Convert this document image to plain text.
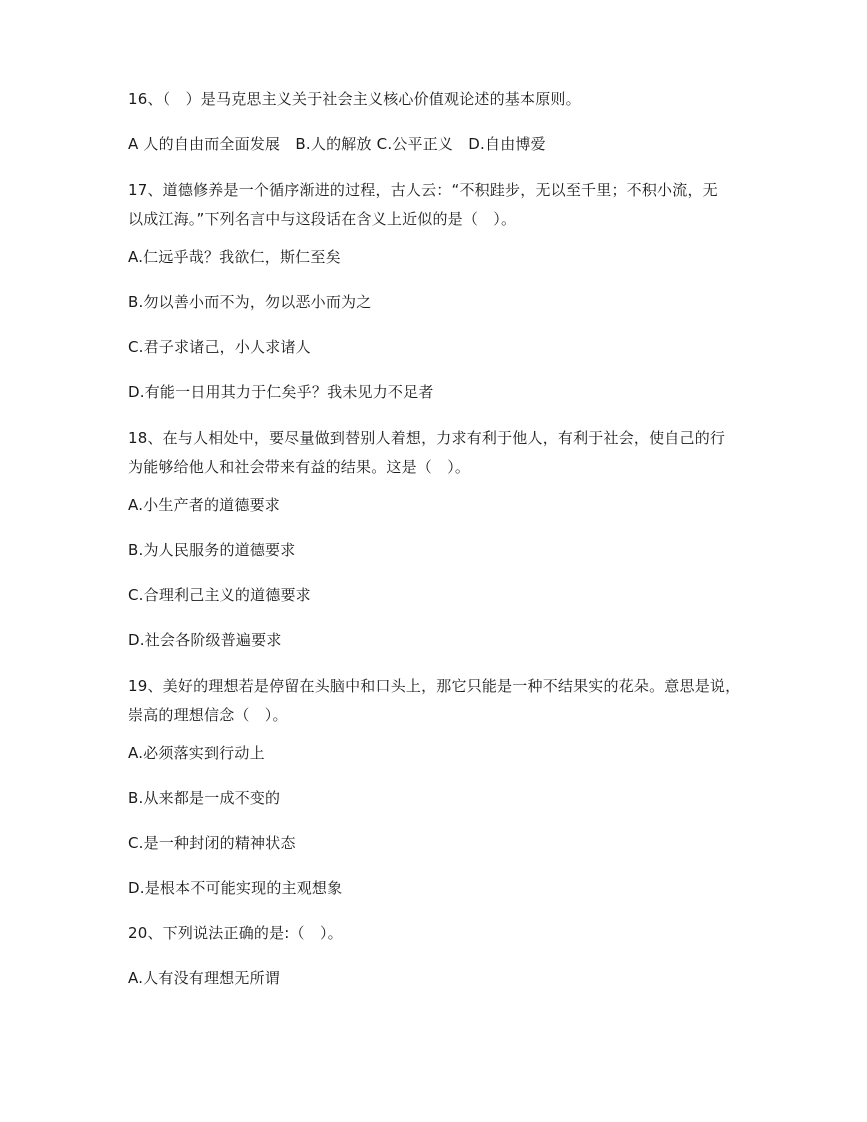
16、（　）是马克思主义关于社会主义核心价值观论述的基本原则。
A 人的自由而全面发展　B.人的解放 C.公平正义　D.自由博爱
17、道德修养是一个循序渐进的过程，古人云：“不积跬步，无以至千里；不积小流，无
以成江海。”下列名言中与这段话在含义上近似的是（　）。
A.仁远乎哉？我欲仁，斯仁至矣
B.勿以善小而不为，勿以恶小而为之
C.君子求诸己，小人求诸人
D.有能一日用其力于仁矣乎？我未见力不足者
18、在与人相处中，要尽量做到替别人着想，力求有利于他人，有利于社会，使自己的行
为能够给他人和社会带来有益的结果。这是（　）。
A.小生产者的道德要求
B.为人民服务的道德要求
C.合理利己主义的道德要求
D.社会各阶级普遍要求
19、美好的理想若是停留在头脑中和口头上，那它只能是一种不结果实的花朵。意思是说，
崇高的理想信念（　）。
A.必须落实到行动上
B.从来都是一成不变的
C.是一种封闭的精神状态
D.是根本不可能实现的主观想象
20、下列说法正确的是:（　）。
A.人有没有理想无所谓
